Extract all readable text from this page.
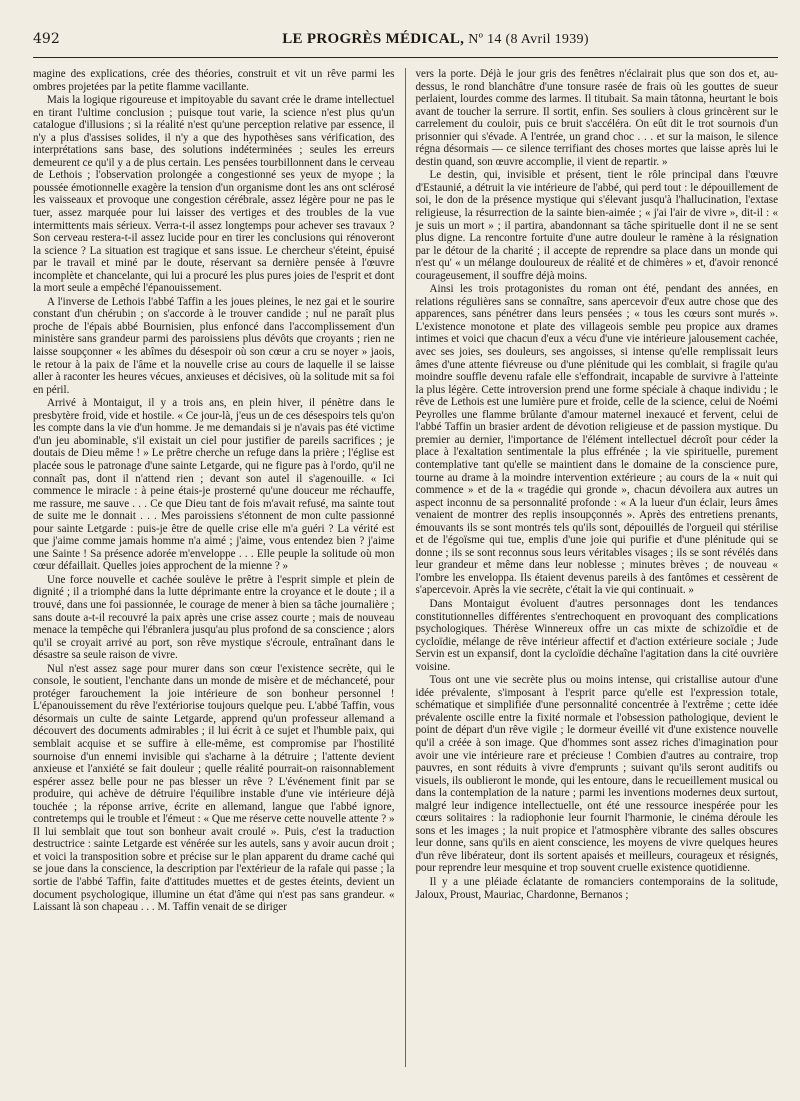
492	LE PROGRÈS MÉDICAL, Nº 14 (8 Avril 1939)

magine des explications, crée des théories, construit et vit un rêve parmi les ombres projetées par la petite flamme vacillante.

Mais la logique rigoureuse et impitoyable du savant crée le drame intellectuel en tirant l'ultime conclusion ; puisque tout varie, la science n'est plus qu'un catalogue d'illusions ; si la réalité n'est qu'une perception relative par essence, il n'y a plus d'assises solides, il n'y a que des hypothèses sans vérification, des interprétations sans base, des solutions indéterminées ; seules les erreurs demeurent ce qu'il y a de plus certain. Les pensées tourbillonnent dans le cerveau de Lethois ; l'observation prolongée a congestionné ses yeux de myope ; la poussée émotionnelle exagère la tension d'un organisme dont les ans ont sclérosé les vaisseaux et provoque une congestion cérébrale, assez légère pour ne pas le tuer, assez marquée pour lui laisser des vertiges et des troubles de la vue intermittents mais sérieux. Verra-t-il assez longtemps pour achever ses travaux ? Son cerveau restera-t-il assez lucide pour en tirer les conclusions qui rénoveront la science ? La situation est tragique et sans issue. Le chercheur s'éteint, épuisé par le travail et miné par le doute, réservant sa dernière pensée à l'œuvre incomplète et chancelante, qui lui a procuré les plus pures joies de l'esprit et dont la mort seule a empêché l'épanouissement.

A l'inverse de Lethois l'abbé Taffin a les joues pleines, le nez gai et le sourire constant d'un chérubin ; on s'accorde à le trouver candide ; nul ne paraît plus proche de l'épais abbé Bournisien, plus enfoncé dans l'accomplissement d'un ministère sans grandeur parmi des paroissiens plus dévôts que croyants ; rien ne laisse soupçonner « les abîmes du désespoir où son cœur a cru se noyer » jaois, le retour à la paix de l'âme et la nouvelle crise au cours de laquelle il se laisse aller à raconter les heures vécues, anxieuses et décisives, où la solitude mit sa foi en péril.

Arrivé à Montaigut, il y a trois ans, en plein hiver, il pénètre dans le presbytère froid, vide et hostile. « Ce jour-là, j'eus un de ces désespoirs tels qu'on les compte dans la vie d'un homme. Je me demandais si je n'avais pas été victime d'un jeu abominable, s'il existait un ciel pour justifier de pareils sacrifices ; je doutais de Dieu même ! » Le prêtre cherche un refuge dans la prière ; l'église est placée sous le patronage d'une sainte Letgarde, qui ne figure pas à l'ordo, qu'il ne connaît pas, dont il n'attend rien ; devant son autel il s'agenouille. « Ici commence le miracle : à peine étais-je prosterné qu'une douceur me réchauffe, me rassure, me sauve . . . Ce que Dieu tant de fois m'avait refusé, ma sainte tout de suite me le donnait . . . Mes paroissiens s'étonnent de mon culte passionné pour sainte Letgarde : puis-je être de quelle crise elle m'a guéri ? La vérité est que j'aime comme jamais homme n'a aimé ; j'aime, vous entendez bien ? j'aime une Sainte ! Sa présence adorée m'enveloppe . . . Elle peuple la solitude où mon cœur défaillait. Quelles joies approchent de la mienne ? »

Une force nouvelle et cachée soulève le prêtre à l'esprit simple et plein de dignité ; il a triomphé dans la lutte déprimante entre la croyance et le doute ; il a trouvé, dans une foi passionnée, le courage de mener à bien sa tâche journalière ; sans doute a-t-il recouvré la paix après une crise assez courte ; mais de nouveau menace la tempêche qui l'ébranlera jusqu'au plus profond de sa conscience ; alors qu'il se croyait arrivé au port, son rêve mystique s'écroule, entraînant dans le désastre sa seule raison de vivre.

Nul n'est assez sage pour murer dans son cœur l'existence secrète, qui le console, le soutient, l'enchante dans un monde de misère et de méchanceté, pour protéger farouchement la joie intérieure de son bonheur personnel ! L'épanouissement du rêve l'extériorise toujours quelque peu. L'abbé Taffin, vous désormais un culte de sainte Letgarde, apprend qu'un professeur allemand a découvert des documents admirables ; il lui écrit à ce sujet et l'humble paix, qui semblait acquise et se suffire à elle-même, est compromise par l'hostilité sournoise d'un ennemi invisible qui s'acharne à la détruire ; l'attente devient anxieuse et l'anxiété se fait douleur ; quelle réalité pourrait-on raisonnablement espérer assez belle pour ne pas blesser un rêve ? L'événement finit par se produire, qui achève de détruire l'équilibre instable d'une vie intérieure déjà touchée ; la réponse arrive, écrite en allemand, langue que l'abbé ignore, contretemps qui le trouble et l'émeut : « Que me réserve cette nouvelle attente ? » Il lui semblait que tout son bonheur avait croulé ». Puis, c'est la traduction destructrice : sainte Letgarde est vénérée sur les autels, sans y avoir aucun droit ; et voici la transposition sobre et précise sur le plan apparent du drame caché qui se joue dans la conscience, la description par l'extérieur de la rafale qui passe ; la sortie de l'abbé Taffin, faite d'attitudes muettes et de gestes éteints, devient un document psychologique, illumine un état d'âme qui n'est pas sans grandeur. « Laissant là son chapeau . . . M. Taffin venait de se diriger

vers la porte. Déjà le jour gris des fenêtres n'éclairait plus que son dos et, au-dessus, le rond blanchâtre d'une tonsure rasée de frais où les gouttes de sueur perlaient, lourdes comme des larmes. Il titubait. Sa main tâtonna, heurtant le bois avant de toucher la serrure. Il sortit, enfin. Ses souliers à clous grincèrent sur le carrelement du couloir, puis ce bruit s'accéléra. On eût dit le trot sournois d'un prisonnier qui s'évade. A l'entrée, un grand choc . . . et sur la maison, le silence régna désormais — ce silence terrifiant des choses mortes que laisse après lui le destin quand, son œuvre accomplie, il vient de repartir. »

Le destin, qui, invisible et présent, tient le rôle principal dans l'œuvre d'Estaunié, a détruit la vie intérieure de l'abbé, qui perd tout : le dépouillement de soi, le don de la présence mystique qui s'élevant jusqu'à l'hallucination, l'extase religieuse, la résurrection de la sainte bien-aimée ; « j'ai l'air de vivre », dit-il : « je suis un mort » ; il partira, abandonnant sa tâche spirituelle dont il ne se sent plus digne. La rencontre fortuite d'une autre douleur le ramène à la résignation par le détour de la charité ; il accepte de reprendre sa place dans un monde qui n'est qu' « un mélange douloureux de réalité et de chimères » et, d'avoir renoncé courageusement, il souffre déjà moins.

Ainsi les trois protagonistes du roman ont été, pendant des années, en relations régulières sans se connaître, sans apercevoir d'eux autre chose que des apparences, sans pénétrer dans leurs pensées ; « tous les cœurs sont murés ». L'existence monotone et plate des villageois semble peu propice aux drames intimes et voici que chacun d'eux a vécu d'une vie intérieure jalousement cachée, avec ses joies, ses douleurs, ses angoisses, si intense qu'elle remplissait leurs âmes d'une attente fiévreuse ou d'une plénitude qui les comblait, si fragile qu'au moindre souffle devenu rafale elle s'effondrait, incapable de survivre à l'atteinte la plus légère. Cette introversion prend une forme spéciale à chaque individu ; le rêve de Lethois est une lumière pure et froide, celle de la science, celui de Noémi Peyrolles une flamme brûlante d'amour maternel inexaucé et fervent, celui de l'abbé Taffin un brasier ardent de dévotion religieuse et de passion mystique. Du premier au dernier, l'importance de l'élément intellectuel décroît pour céder la place à l'exaltation sentimentale la plus effrénée ; la vie spirituelle, purement contemplative tant qu'elle se maintient dans le domaine de la conscience pure, tourne au drame à la moindre intervention extérieure ; au cours de la « nuit qui commence » et de la « tragédie qui gronde », chacun dévoilera aux autres un aspect inconnu de sa personnalité profonde : « A la lueur d'un éclair, leurs âmes venaient de montrer des replis insoupçonnés ». Après des entretiens prenants, émouvants ils se sont montrés tels qu'ils sont, dépouillés de l'orgueil qui stérilise et de l'égoïsme qui tue, emplis d'une joie qui purifie et d'une plénitude qui se donne ; ils se sont reconnus sous leurs véritables visages ; ils se sont révélés dans leur grandeur et même dans leur noblesse ; minutes brèves ; de nouveau « l'ombre les enveloppa. Ils étaient devenus pareils à des fantômes et cessèrent de s'apercevoir. Après la vie secrète, c'était la vie qui continuait. »

Dans Montaigut évoluent d'autres personnages dont les tendances constitutionnelles différentes s'entrechoquent en provoquant des complications psychologiques. Thérèse Winnereux offre un cas mixte de schizoïdie et de cycloïdie, mélange de rêve intérieur affectif et d'action extérieure sociale ; Jude Servin est un expansif, dont la cycloïdie déchaîne l'agitation dans la cité ouvrière voisine.

Tous ont une vie secrète plus ou moins intense, qui cristallise autour d'une idée prévalente, s'imposant à l'esprit parce qu'elle est l'expression totale, schématique et simplifiée d'une personnalité concentrée à l'extrême ; cette idée prévalente oscille entre la fixité normale et l'obsession pathologique, devient le point de départ d'un rêve vigile ; le dormeur éveillé vit d'une existence nouvelle qu'il a créée à son image. Que d'hommes sont assez riches d'imagination pour avoir une vie intérieure rare et précieuse ! Combien d'autres au contraire, trop pauvres, en sont réduits à vivre d'emprunts ; suivant qu'ils seront auditifs ou visuels, ils oublieront le monde, qui les entoure, dans le recueillement musical ou dans la contemplation de la nature ; parmi les inventions modernes deux surtout, malgré leur indigence intellectuelle, ont été une ressource inespérée pour les cœurs solitaires : la radiophonie leur fournit l'harmonie, le cinéma déroule les sons et les images ; la nuit propice et l'atmosphère vibrante des salles obscures leur donne, sans qu'ils en aient conscience, les moyens de vivre quelques heures d'un rêve libérateur, dont ils sortent apaisés et meilleurs, courageux et résignés, pour reprendre leur mesquine et trop souvent cruelle existence quotidienne.

Il y a une pléiade éclatante de romanciers contemporains de la solitude, Jaloux, Proust, Mauriac, Chardonne, Bernanos ;
